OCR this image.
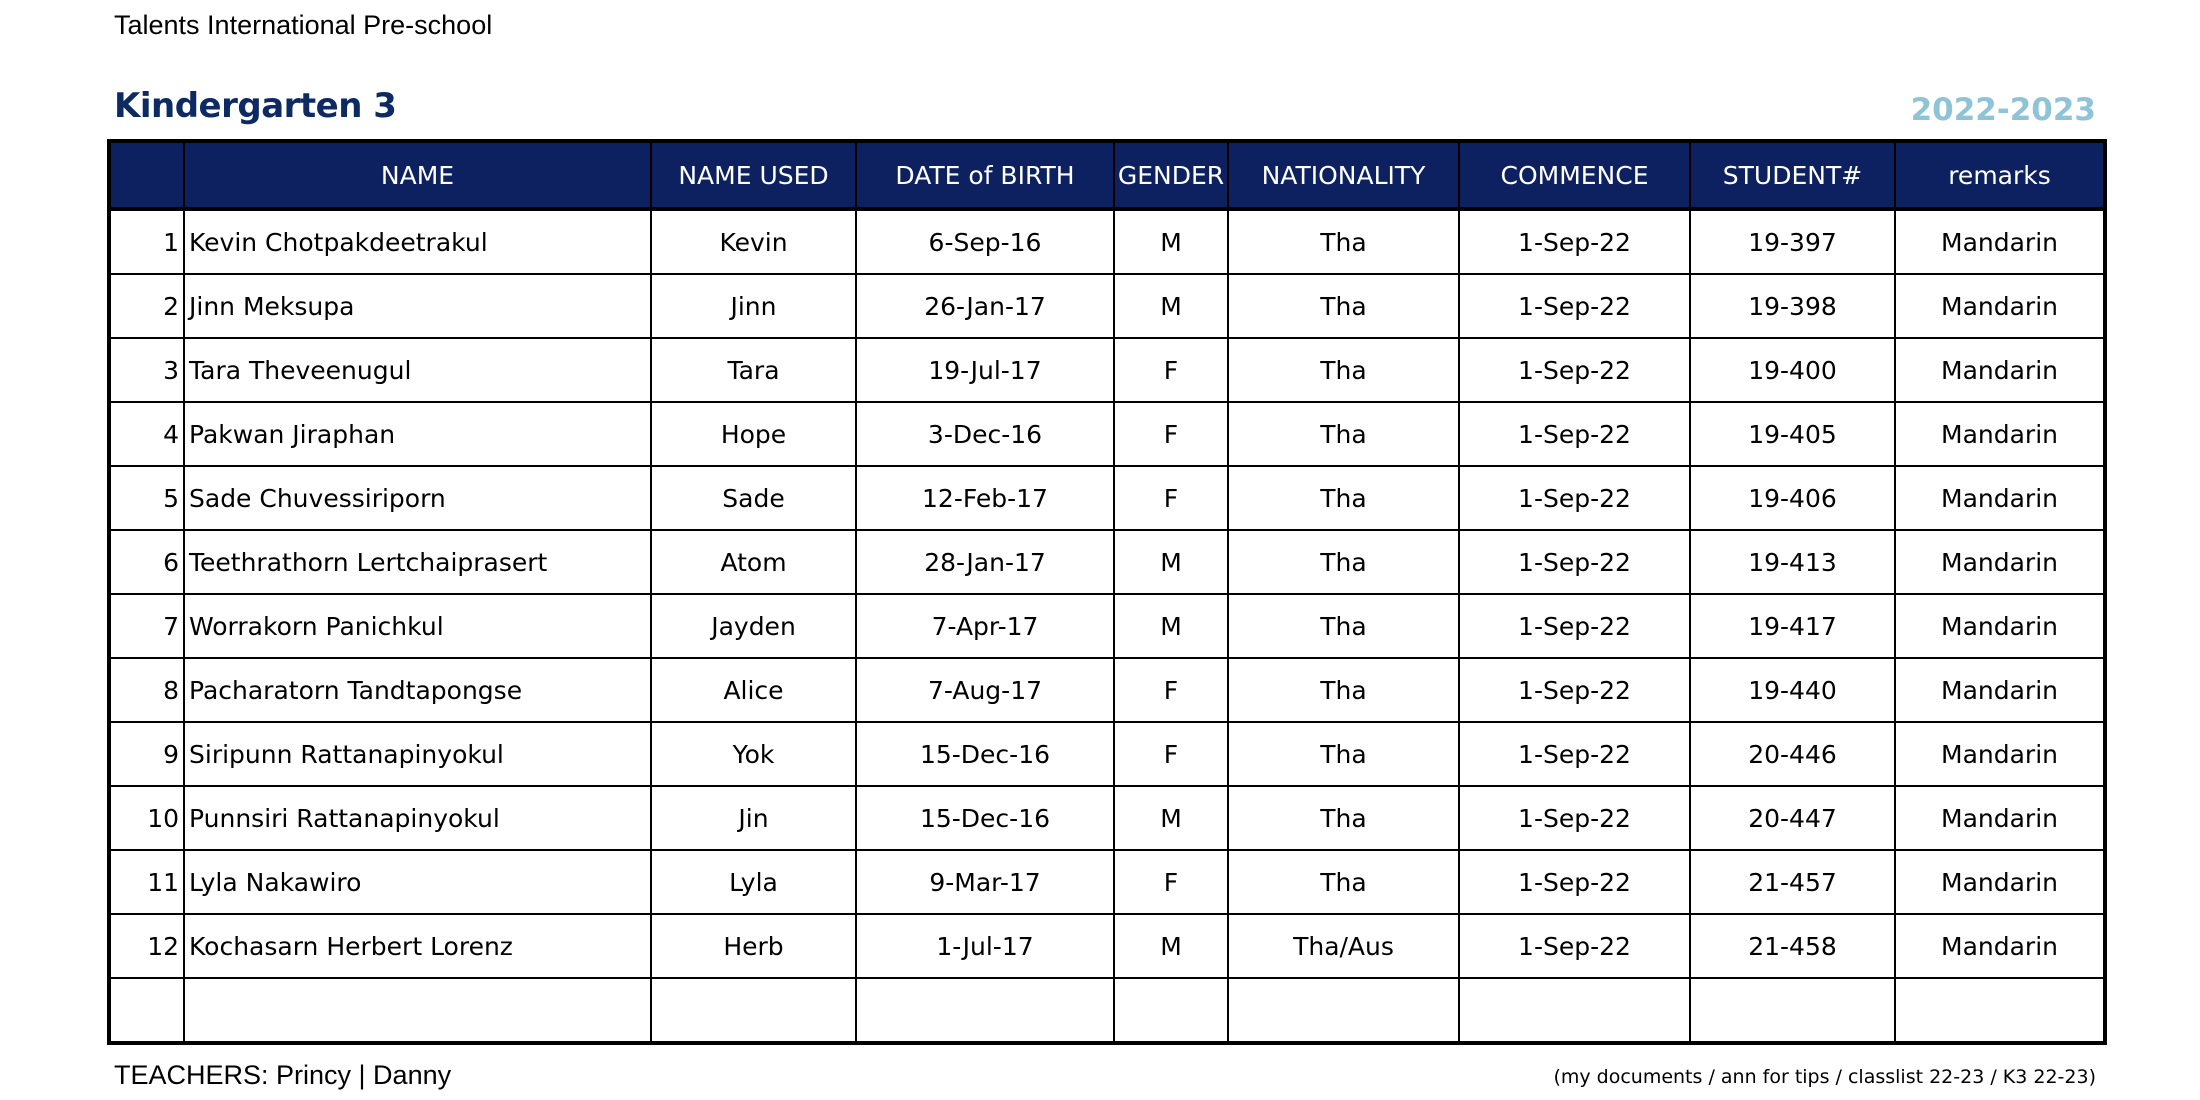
Talents International Pre-school
Kindergarten 3	2022-2023
	NAME	NAME USED	DATE of BIRTH	GENDER	NATIONALITY	COMMENCE	STUDENT#	remarks
1	Kevin Chotpakdeetrakul	Kevin	6-Sep-16	M	Tha	1-Sep-22	19-397	Mandarin
2	Jinn Meksupa	Jinn	26-Jan-17	M	Tha	1-Sep-22	19-398	Mandarin
3	Tara Theveenugul	Tara	19-Jul-17	F	Tha	1-Sep-22	19-400	Mandarin
4	Pakwan Jiraphan	Hope	3-Dec-16	F	Tha	1-Sep-22	19-405	Mandarin
5	Sade Chuvessiriporn	Sade	12-Feb-17	F	Tha	1-Sep-22	19-406	Mandarin
6	Teethrathorn Lertchaiprasert	Atom	28-Jan-17	M	Tha	1-Sep-22	19-413	Mandarin
7	Worrakorn Panichkul	Jayden	7-Apr-17	M	Tha	1-Sep-22	19-417	Mandarin
8	Pacharatorn Tandtapongse	Alice	7-Aug-17	F	Tha	1-Sep-22	19-440	Mandarin
9	Siripunn Rattanapinyokul	Yok	15-Dec-16	F	Tha	1-Sep-22	20-446	Mandarin
10	Punnsiri Rattanapinyokul	Jin	15-Dec-16	M	Tha	1-Sep-22	20-447	Mandarin
11	Lyla Nakawiro	Lyla	9-Mar-17	F	Tha	1-Sep-22	21-457	Mandarin
12	Kochasarn Herbert Lorenz	Herb	1-Jul-17	M	Tha/Aus	1-Sep-22	21-458	Mandarin

TEACHERS: Princy | Danny	(my documents / ann for tips / classlist 22-23 / K3 22-23)
